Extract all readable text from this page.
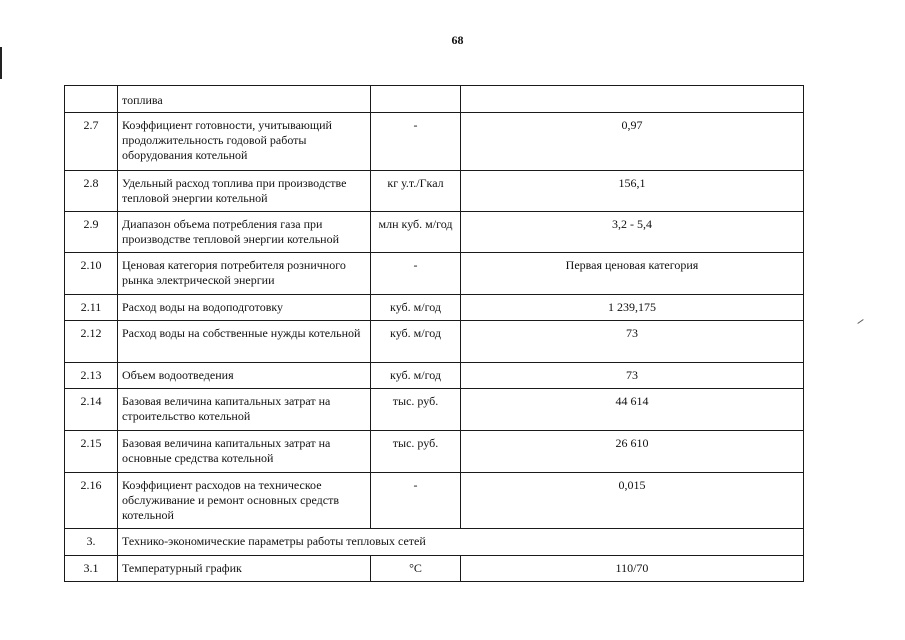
68
	топлива		
2.7	Коэффициент готовности, учитывающий продолжительность годовой работы оборудования котельной	-	0,97
2.8	Удельный расход топлива при производстве тепловой энергии котельной	кг у.т./Гкал	156,1
2.9	Диапазон объема потребления газа при производстве тепловой энергии котельной	млн куб. м/год	3,2 - 5,4
2.10	Ценовая категория потребителя розничного рынка электрической энергии	-	Первая ценовая категория
2.11	Расход воды на водоподготовку	куб. м/год	1 239,175
2.12	Расход воды на собственные нужды котельной	куб. м/год	73
2.13	Объем водоотведения	куб. м/год	73
2.14	Базовая величина капитальных затрат на строительство котельной	тыс. руб.	44 614
2.15	Базовая величина капитальных затрат на основные средства котельной	тыс. руб.	26 610
2.16	Коэффициент расходов на техническое обслуживание и ремонт основных средств котельной	-	0,015
3.	Технико-экономические параметры работы тепловых сетей		
3.1	Температурный график	°С	110/70
